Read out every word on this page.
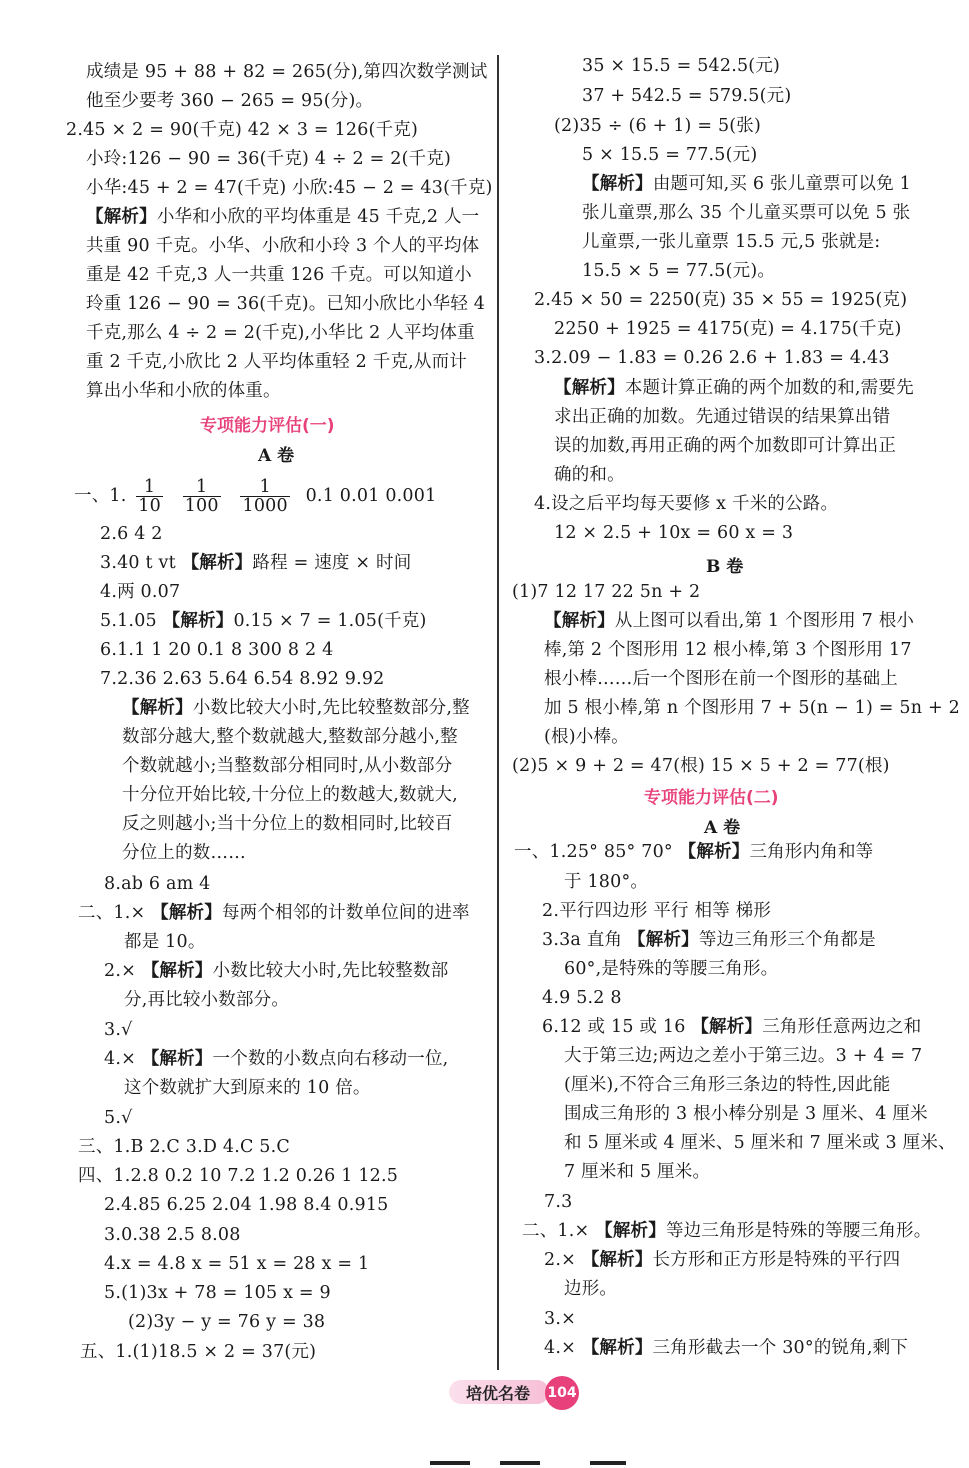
成绩是 95 + 88 + 82 = 265(分),第四次数学测试
他至少要考 360 − 265 = 95(分)。
2.45 × 2 = 90(千克) 42 × 3 = 126(千克)
小玲:126 − 90 = 36(千克) 4 ÷ 2 = 2(千克)
小华:45 + 2 = 47(千克) 小欣:45 − 2 = 43(千克)
【解析】小华和小欣的平均体重是 45 千克,2 人一
共重 90 千克。小华、小欣和小玲 3 个人的平均体
重是 42 千克,3 人一共重 126 千克。可以知道小
玲重 126 − 90 = 36(千克)。已知小欣比小华轻 4
千克,那么 4 ÷ 2 = 2(千克),小华比 2 人平均体重
重 2 千克,小欣比 2 人平均体重轻 2 千克,从而计
算出小华和小欣的体重。
专项能力评估(一)
A 卷
一、1. $\frac{1}{10}$
$\frac{1}{100}$
$\frac{1}{1000} 0.1$ 0.01 0.001
2.6 4 2
3.40 t vt 【解析】路程 = 速度 × 时间
4.两 0.07
5.1.05 【解析】0.15 × 7 = 1.05(千克)
6.1.1 1 20 0.1 8 300 8 2 4
7.2.36 2.63 5.64 6.54 8.92 9.92
【解析】小数比较大小时,先比较整数部分,整
数部分越大,整个数就越大,整数部分越小,整
个数就越小;当整数部分相同时,从小数部分
十分位开始比较,十分位上的数越大,数就大,
反之则越小;当十分位上的数相同时,比较百
分位上的数……
8.ab 6 am 4
二、1.× 【解析】每两个相邻的计数单位间的进率
都是 10。
2.× 【解析】小数比较大小时,先比较整数部
分,再比较小数部分。
3.√
4.× 【解析】一个数的小数点向右移动一位,
这个数就扩大到原来的 10 倍。
5.√
三、1.B 2.C 3.D 4.C 5.C
四、1.2.8 0.2 10 7.2 1.2 0.26 1 12.5
2.4.85 6.25 2.04 1.98 8.4 0.915
3.0.38 2.5 8.08
4.x = 4.8 x = 51 x = 28 x = 1
5.(1)3x + 78 = 105 x = 9
(2)3y − y = 76 y = 38
五、1.(1)18.5 × 2 = 37(元)
35 × 15.5 = 542.5(元)
37 + 542.5 = 579.5(元)
(2)35 ÷ (6 + 1) = 5(张)
5 × 15.5 = 77.5(元)
【解析】由题可知,买 6 张儿童票可以免 1
张儿童票,那么 35 个儿童买票可以免 5 张
儿童票,一张儿童票 15.5 元,5 张就是:
15.5 × 5 = 77.5(元)。
2.45 × 50 = 2250(克) 35 × 55 = 1925(克)
2250 + 1925 = 4175(克) = 4.175(千克)
3.2.09 − 1.83 = 0.26 2.6 + 1.83 = 4.43
【解析】本题计算正确的两个加数的和,需要先
求出正确的加数。先通过错误的结果算出错
误的加数,再用正确的两个加数即可计算出正
确的和。
4.设之后平均每天要修 x 千米的公路。
12 × 2.5 + 10x = 60 x = 3
B 卷
(1)7 12 17 22 5n + 2
【解析】从上图可以看出,第 1 个图形用 7 根小
棒,第 2 个图形用 12 根小棒,第 3 个图形用 17
根小棒……后一个图形在前一个图形的基础上
加 5 根小棒,第 n 个图形用 7 + 5(n − 1) = 5n + 2
(根)小棒。
(2)5 × 9 + 2 = 47(根) 15 × 5 + 2 = 77(根)
专项能力评估(二)
A 卷
一、1.25° 85° 70° 【解析】三角形内角和等
于 180°。
2.平行四边形 平行 相等 梯形
3.3a 直角 【解析】等边三角形三个角都是
60°,是特殊的等腰三角形。
4.9 5.2 8
6.12 或 15 或 16 【解析】三角形任意两边之和
大于第三边;两边之差小于第三边。3 + 4 = 7
(厘米),不符合三角形三条边的特性,因此能
围成三角形的 3 根小棒分别是 3 厘米、4 厘米
和 5 厘米或 4 厘米、5 厘米和 7 厘米或 3 厘米、
7 厘米和 5 厘米。
7.3
二、1.× 【解析】等边三角形是特殊的等腰三角形。
2.× 【解析】长方形和正方形是特殊的平行四
边形。
3.×
4.× 【解析】三角形截去一个 30°的锐角,剩下
培优名卷 104
